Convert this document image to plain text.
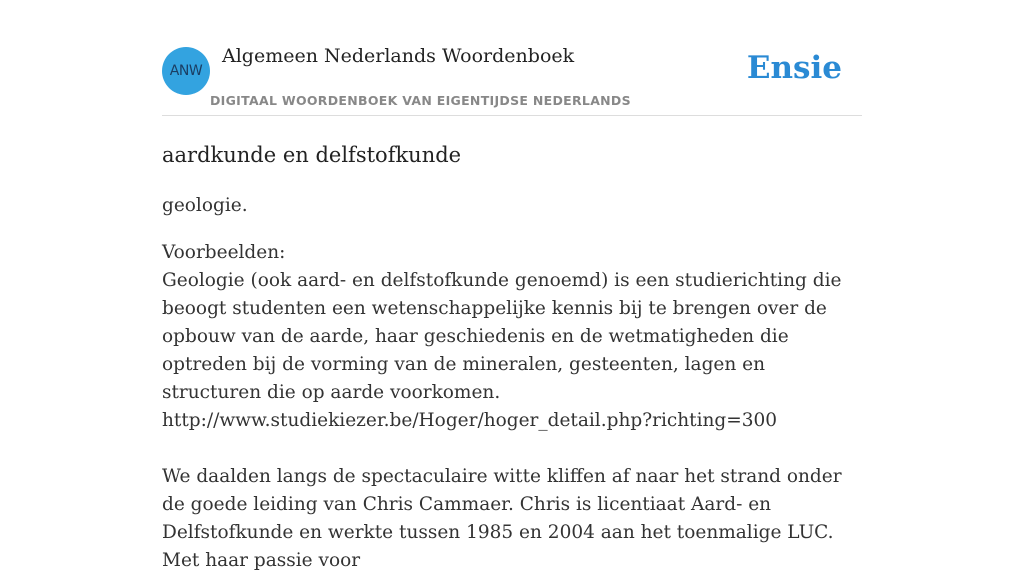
ANW
Algemeen Nederlands Woordenboek
DIGITAAL WOORDENBOEK VAN EIGENTIJDSE NEDERLANDS
Ensie
aardkunde en delfstofkunde

geologie.

Voorbeelden:
Geologie (ook aard- en delfstofkunde genoemd) is een studierichting die beoogt studenten een wetenschappelijke kennis bij te brengen over de opbouw van de aarde, haar geschiedenis en de wetmatigheden die optreden bij de vorming van de mineralen, gesteenten, lagen en structuren die op aarde voorkomen.
http://www.studiekiezer.be/Hoger/hoger_detail.php?richting=300
We daalden langs de spectaculaire witte kliffen af naar het strand onder de goede leiding van Chris Cammaer. Chris is licentiaat Aard- en Delfstofkunde en werkte tussen 1985 en 2004 aan het toenmalige LUC. Met haar passie voor
